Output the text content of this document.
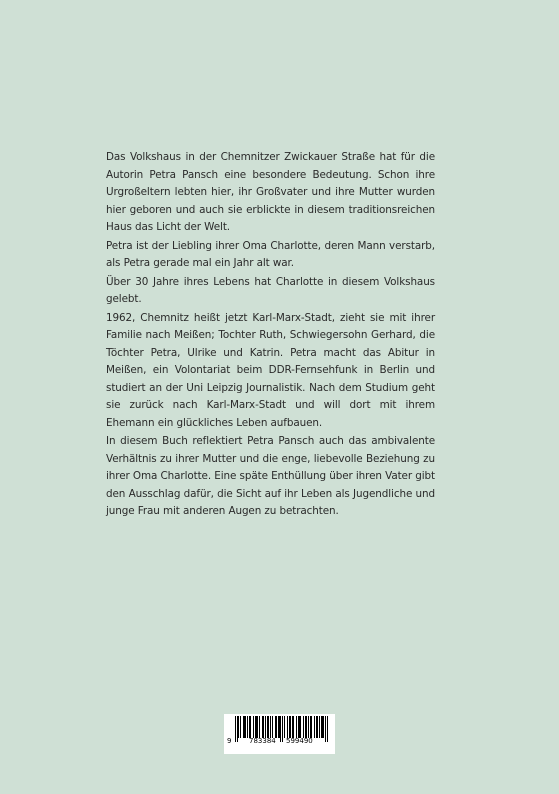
Das Volkshaus in der Chemnitzer Zwickauer Straße hat für die Autorin Petra Pansch eine besondere Bedeutung. Schon ihre Urgroßeltern lebten hier, ihr Großvater und ihre Mutter wurden hier geboren und auch sie erblickte in diesem traditionsreichen Haus das Licht der Welt.

Petra ist der Liebling ihrer Oma Charlotte, deren Mann verstarb, als Petra gerade mal ein Jahr alt war.

Über 30 Jahre ihres Lebens hat Charlotte in diesem Volkshaus gelebt.

1962, Chemnitz heißt jetzt Karl-Marx-Stadt, zieht sie mit ihrer Familie nach Meißen; Tochter Ruth, Schwiegersohn Gerhard, die Töchter Petra, Ulrike und Katrin. Petra macht das Abitur in Meißen, ein Volontariat beim DDR-Fernsehfunk in Berlin und studiert an der Uni Leipzig Journalistik. Nach dem Studium geht sie zurück nach Karl-Marx-Stadt und will dort mit ihrem Ehemann ein glückliches Leben aufbauen.

In diesem Buch reflektiert Petra Pansch auch das ambivalente Verhältnis zu ihrer Mutter und die enge, liebevolle Beziehung zu ihrer Oma Charlotte. Eine späte Enthüllung über ihren Vater gibt den Ausschlag dafür, die Sicht auf ihr Leben als Jugendliche und junge Frau mit anderen Augen zu betrachten.

9	783384 599490
